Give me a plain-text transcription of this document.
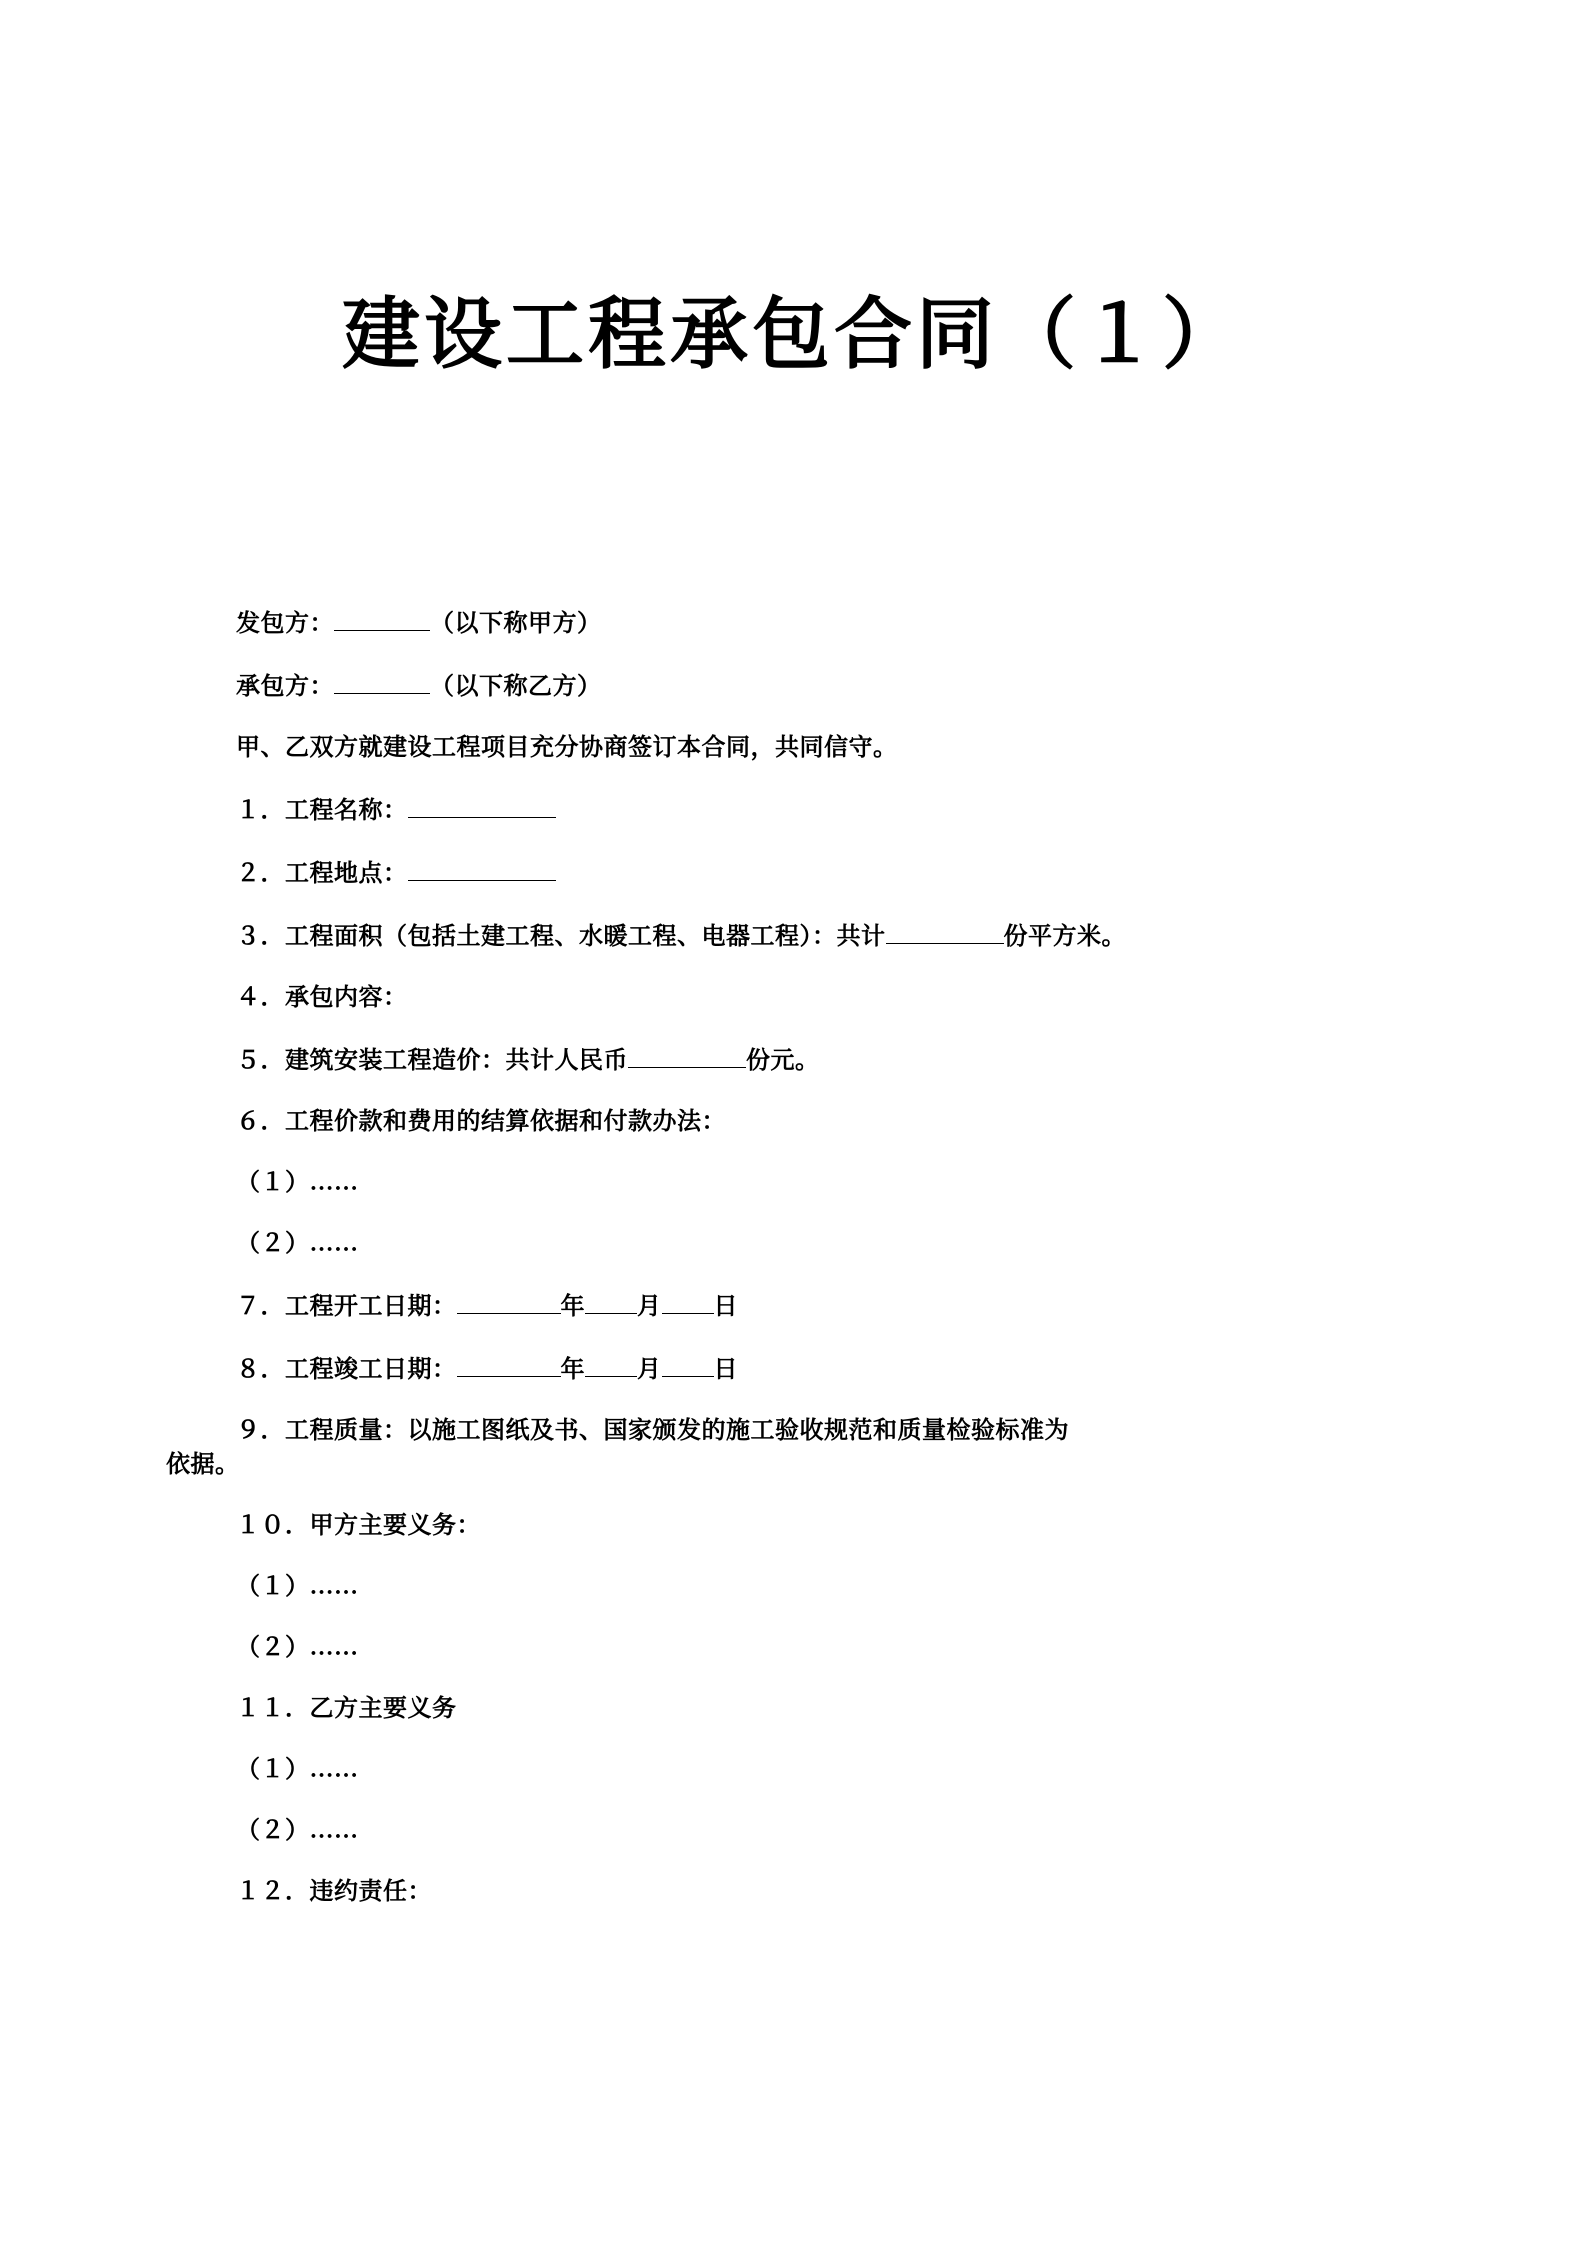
建设工程承包合同（１）

发包方：	（以下称甲方）

承包方：	（以下称乙方）

甲、乙双方就建设工程项目充分协商签订本合同，共同信守。

１．工程名称：

２．工程地点：

３．工程面积（包括土建工程、水暖工程、电器工程）：共计	份平方米。

４．承包内容：

５．建筑安装工程造价：共计人民币	份元。

６．工程价款和费用的结算依据和付款办法：

（１）……

（２）……

７．工程开工日期：	年 月 日

８．工程竣工日期：	年 月 日

９．工程质量：以施工图纸及书、国家颁发的施工验收规范和质量检验标准为

依据。

１０．甲方主要义务：

（１）……

（２）……

１１．乙方主要义务

（１）……

（２）……

１２．违约责任：
